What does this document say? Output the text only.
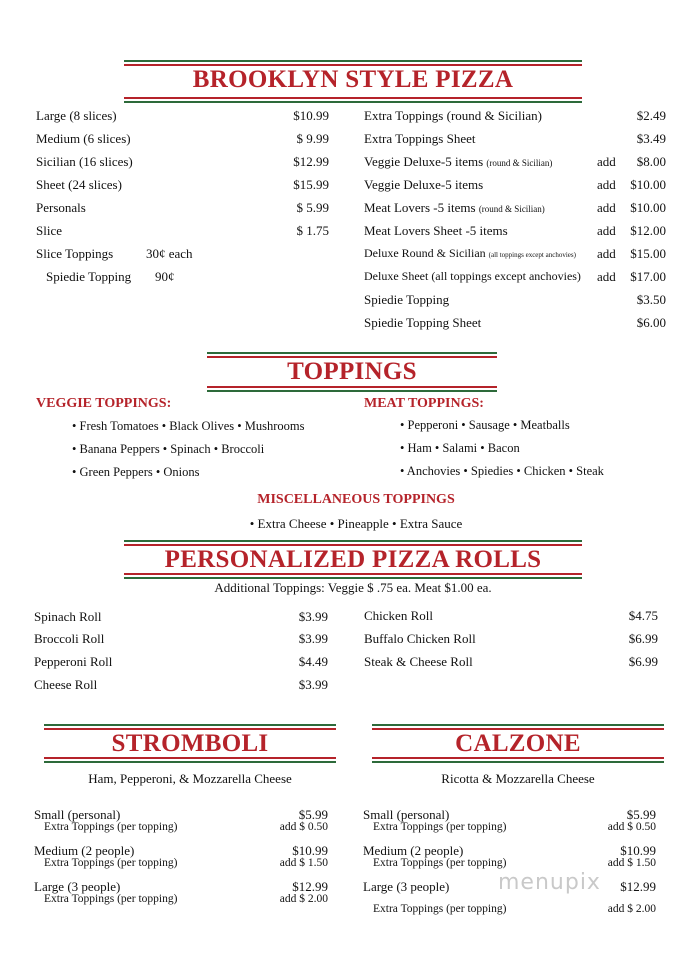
BROOKLYN STYLE PIZZA
Large (8 slices)	$10.99
Medium (6 slices)	$ 9.99
Sicilian (16 slices)	$12.99
Sheet (24 slices)	$15.99
Personals	$ 5.99
Slice	$ 1.75
Slice Toppings	30¢ each
Spiedie Topping 90¢
Extra Toppings (round & Sicilian)	$2.49
Extra Toppings Sheet	$3.49
Veggie Deluxe-5 items (round & Sicilian)	add	$8.00
Veggie Deluxe-5 items	add	$10.00
Meat Lovers -5 items (round & Sicilian)	add	$10.00
Meat Lovers Sheet -5 items	add	$12.00
Deluxe Round & Sicilian (all toppings except anchovies) add	$15.00
Deluxe Sheet (all toppings except anchovies) add	$17.00
Spiedie Topping	$3.50
Spiedie Topping Sheet	$6.00
TOPPINGS
VEGGIE TOPPINGS:
• Fresh Tomatoes • Black Olives • Mushrooms
• Banana Peppers • Spinach • Broccoli
• Green Peppers • Onions
MEAT TOPPINGS:
• Pepperoni • Sausage • Meatballs
• Ham • Salami • Bacon
• Anchovies • Spiedies • Chicken • Steak
MISCELLANEOUS TOPPINGS
• Extra Cheese • Pineapple • Extra Sauce
PERSONALIZED PIZZA ROLLS
Additional Toppings: Veggie $ .75 ea. Meat $1.00 ea.
Spinach Roll	$3.99
Broccoli Roll	$3.99
Pepperoni Roll	$4.49
Cheese Roll	$3.99
Chicken Roll	$4.75
Buffalo Chicken Roll	$6.99
Steak & Cheese Roll	$6.99
STROMBOLI
Ham, Pepperoni, & Mozzarella Cheese
Small (personal)	$5.99
Extra Toppings (per topping)	add $ 0.50
Medium (2 people)	$10.99
Extra Toppings (per topping)	add $ 1.50
Large (3 people)	$12.99
Extra Toppings (per topping)	add $ 2.00
CALZONE
Ricotta & Mozzarella Cheese
Small (personal)	$5.99
Extra Toppings (per topping)	add $ 0.50
Medium (2 people)	$10.99
Extra Toppings (per topping)	add $ 1.50
Large (3 people)	$12.99
Extra Toppings (per topping)	add $ 2.00
menupix
